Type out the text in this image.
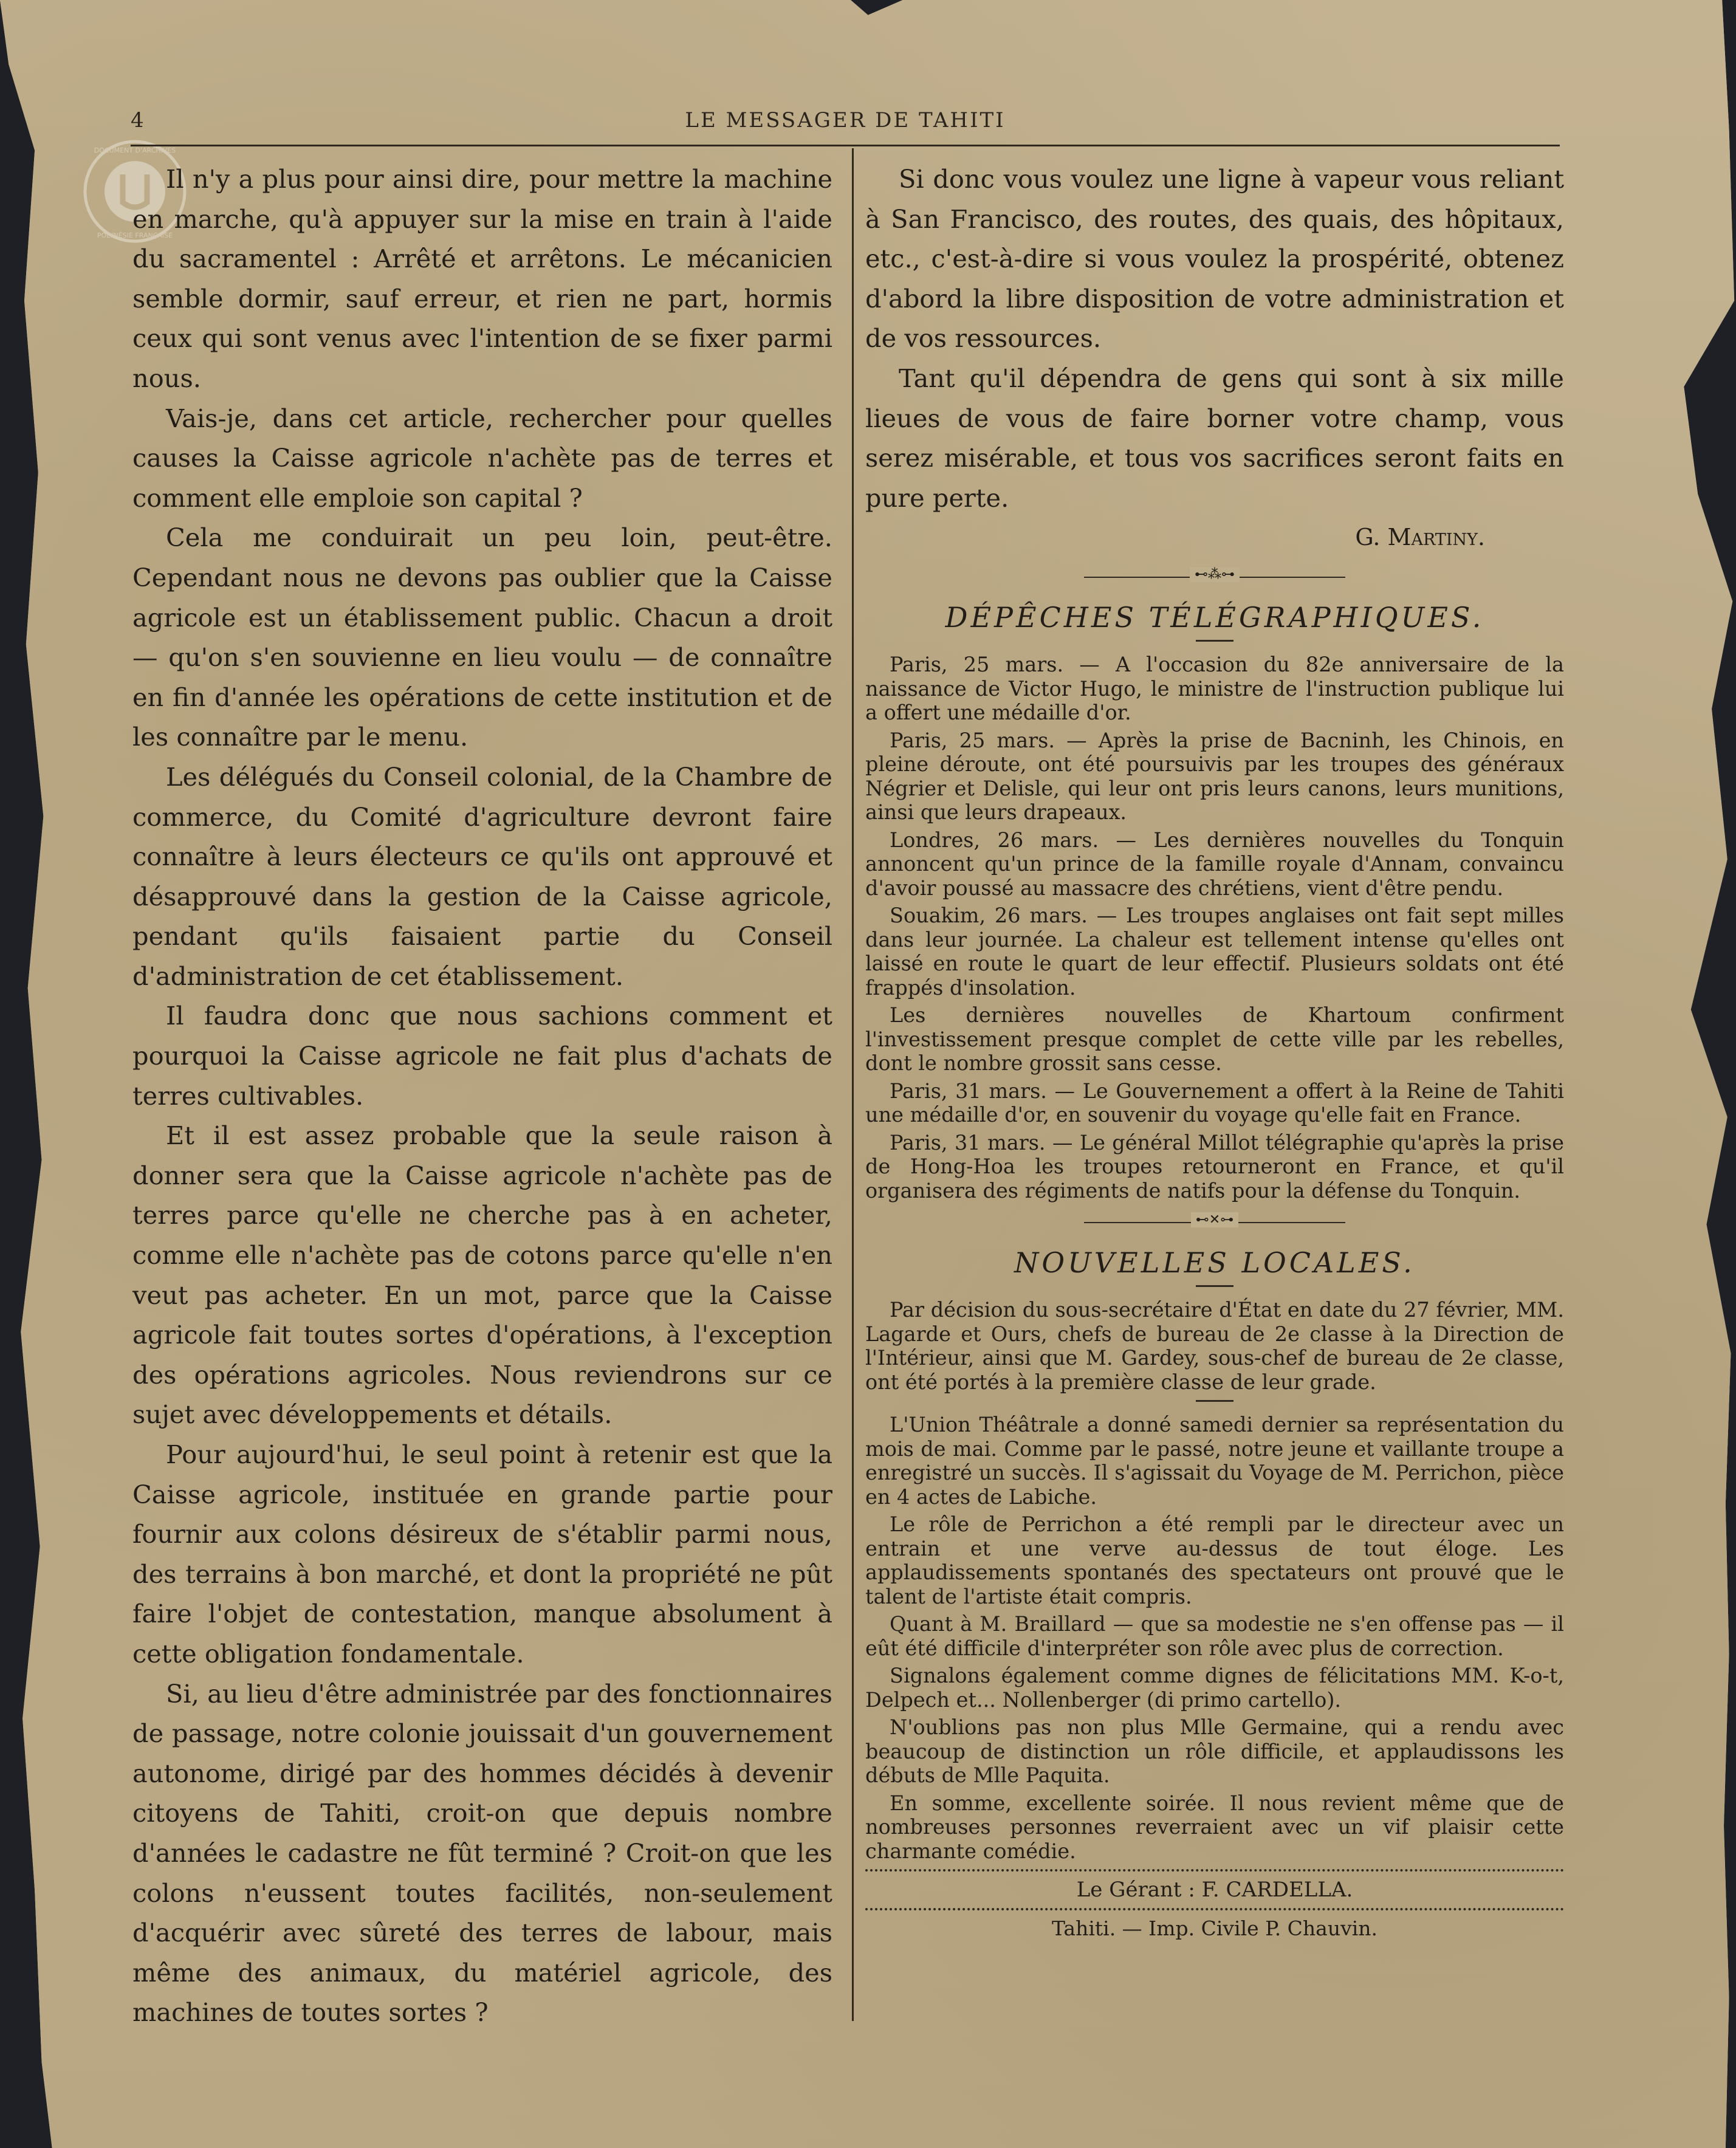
DOCUMENT D'ARCHIVES
POLYNÉSIE FRANÇAISE
4	LE MESSAGER DE TAHITI

Il n'y a plus pour ainsi dire, pour mettre la machine en marche, qu'à appuyer sur la mise en train à l'aide du sacramentel : Arrêté et arrêtons. Le mécanicien semble dormir, sauf erreur, et rien ne part, hormis ceux qui sont venus avec l'intention de se fixer parmi nous.

Vais-je, dans cet article, rechercher pour quelles causes la Caisse agricole n'achète pas de terres et comment elle emploie son capital ?

Cela me conduirait un peu loin, peut-être. Cependant nous ne devons pas oublier que la Caisse agricole est un établissement public. Chacun a droit — qu'on s'en souvienne en lieu voulu — de connaître en fin d'année les opérations de cette institution et de les connaître par le menu.

Les délégués du Conseil colonial, de la Chambre de commerce, du Comité d'agriculture devront faire connaître à leurs électeurs ce qu'ils ont approuvé et désapprouvé dans la gestion de la Caisse agricole, pendant qu'ils faisaient partie du Conseil d'administration de cet établissement.

Il faudra donc que nous sachions comment et pourquoi la Caisse agricole ne fait plus d'achats de terres cultivables.

Et il est assez probable que la seule raison à donner sera que la Caisse agricole n'achète pas de terres parce qu'elle ne cherche pas à en acheter, comme elle n'achète pas de cotons parce qu'elle n'en veut pas acheter. En un mot, parce que la Caisse agricole fait toutes sortes d'opérations, à l'exception des opérations agricoles. Nous reviendrons sur ce sujet avec développements et détails.

Pour aujourd'hui, le seul point à retenir est que la Caisse agricole, instituée en grande partie pour fournir aux colons désireux de s'établir parmi nous, des terrains à bon marché, et dont la propriété ne pût faire l'objet de contestation, manque absolument à cette obligation fondamentale.

Si, au lieu d'être administrée par des fonctionnaires de passage, notre colonie jouissait d'un gouvernement autonome, dirigé par des hommes décidés à devenir citoyens de Tahiti, croit-on que depuis nombre d'années le cadastre ne fût terminé ? Croit-on que les colons n'eussent toutes facilités, non-seulement d'acquérir avec sûreté des terres de labour, mais même des animaux, du matériel agricole, des machines de toutes sortes ?

Si donc vous voulez une ligne à vapeur vous reliant à San Francisco, des routes, des quais, des hôpitaux, etc., c'est-à-dire si vous voulez la prospérité, obtenez d'abord la libre disposition de votre administration et de vos ressources.

Tant qu'il dépendra de gens qui sont à six mille lieues de vous de faire borner votre champ, vous serez misérable, et tous vos sacrifices seront faits en pure perte.

G. Martiny.
⊷⁂⊶
DÉPÊCHES TÉLÉGRAPHIQUES.

Paris, 25 mars. — A l'occasion du 82e anniversaire de la naissance de Victor Hugo, le ministre de l'instruction publique lui a offert une médaille d'or.

Paris, 25 mars. — Après la prise de Bacninh, les Chinois, en pleine déroute, ont été poursuivis par les troupes des généraux Négrier et Delisle, qui leur ont pris leurs canons, leurs munitions, ainsi que leurs drapeaux.

Londres, 26 mars. — Les dernières nouvelles du Tonquin annoncent qu'un prince de la famille royale d'Annam, convaincu d'avoir poussé au massacre des chrétiens, vient d'être pendu.

Souakim, 26 mars. — Les troupes anglaises ont fait sept milles dans leur journée. La chaleur est tellement intense qu'elles ont laissé en route le quart de leur effectif. Plusieurs soldats ont été frappés d'insolation.

Les dernières nouvelles de Khartoum confirment l'investissement presque complet de cette ville par les rebelles, dont le nombre grossit sans cesse.

Paris, 31 mars. — Le Gouvernement a offert à la Reine de Tahiti une médaille d'or, en souvenir du voyage qu'elle fait en France.

Paris, 31 mars. — Le général Millot télégraphie qu'après la prise de Hong-Hoa les troupes retourneront en France, et qu'il organisera des régiments de natifs pour la défense du Tonquin.

⊷✕⊶
NOUVELLES LOCALES.

Par décision du sous-secrétaire d'État en date du 27 février, MM. Lagarde et Ours, chefs de bureau de 2e classe à la Direction de l'Intérieur, ainsi que M. Gardey, sous-chef de bureau de 2e classe, ont été portés à la première classe de leur grade.

L'Union Théâtrale a donné samedi dernier sa représentation du mois de mai. Comme par le passé, notre jeune et vaillante troupe a enregistré un succès. Il s'agissait du Voyage de M. Perrichon, pièce en 4 actes de Labiche.

Le rôle de Perrichon a été rempli par le directeur avec un entrain et une verve au-dessus de tout éloge. Les applaudissements spontanés des spectateurs ont prouvé que le talent de l'artiste était compris.

Quant à M. Braillard — que sa modestie ne s'en offense pas — il eût été difficile d'interpréter son rôle avec plus de correction.

Signalons également comme dignes de félicitations MM. K-o-t, Delpech et... Nollenberger (di primo cartello).

N'oublions pas non plus Mlle Germaine, qui a rendu avec beaucoup de distinction un rôle difficile, et applaudissons les débuts de Mlle Paquita.

En somme, excellente soirée. Il nous revient même que de nombreuses personnes reverraient avec un vif plaisir cette charmante comédie.

Le Gérant : F. CARDELLA.
Tahiti. — Imp. Civile P. Chauvin.
